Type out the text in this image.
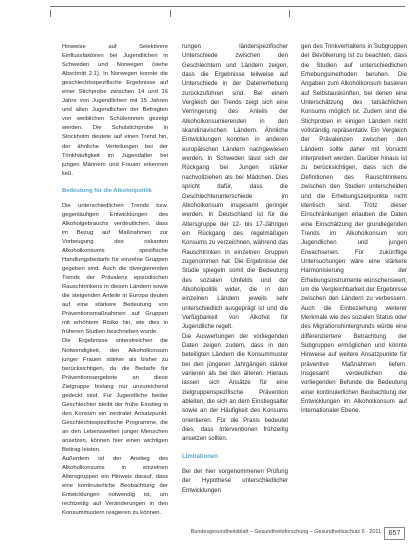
Hinweise auf Selektivere Einflussfaktoren bei Jugendlichen in Schweden und Norwegen (siehe Abschnitt 2.1). In Norwegen konnte die geschlechtsspezifische Ergebnisse auf einer Stichprobe zwischen 14 und 16 Jahre von Jugendlichen mit 15 Jahren und allen Jugendlichen der Befragten von weiblichen Schülerinnen gezeigt werden. Die Schulstichprobe in Stockholm deutete auf einen Trend hin, der ähnliche Verteilungen bei der Trinkhäufigkeit im Jugendalter bei jungen Männern und Frauen erkennen ließ.

Bedeutung für die Alkoholpolitik

Die unterschiedlichen Trends bzw. gegenläufigen Entwicklungen des Alkoholgebrauchs verdeutlichen, dass im Bezug auf Maßnahmen zur Vorbeugung des riskanten Alkoholkonsums spezifische Handlungsbedarfe für einzelne Gruppen gegeben sind. Auch die divergierenden Trends der Prävalenz episodischen Rauschtrinkens in diesen Ländern sowie die steigenden Anteile in Europa deuten auf eine stärkere Bedeutung von Präventionsmaßnahmen auf Gruppen mit erhöhtem Risiko hin, wie dies in früheren Studien beschrieben wurde.

Die Ergebnisse unterstreichen die Notwendigkeit, den Alkoholkonsum junger Frauen stärker als bisher zu berücksichtigen, da die Bedarfe für Präventionsangebote an diese Zielgruppe bislang nur unzureichend gedeckt sind. Für Jugendliche beider Geschlechter bleibt der frühe Einstieg in den Konsum ein zentraler Ansatzpunkt. Geschlechtsspezifische Programme, die an den Lebenswelten junger Menschen ansetzen, können hier einen wichtigen Beitrag leisten.

Außerdem ist der Anstieg des Alkoholkonsums in einzelnen Altersgruppen ein Hinweis darauf, dass eine kontinuierliche Beobachtung der Entwicklungen notwendig ist, um rechtzeitig auf Veränderungen in den Konsummustern reagieren zu können.

rungen länderspezifischer Unterschiede zwischen den Geschlechtern und Ländern zeigen, dass die Ergebnisse teilweise auf Unterschiede in der Datenerhebung zurückzuführen sind. Bei einem Vergleich der Trends zeigt sich eine Verringerung des Anteils der Alkoholkonsumierenden in den skandinavischen Ländern. Ähnliche Entwicklungen konnten in anderen europäischen Ländern nachgewiesen werden. In Schweden lässt sich der Rückgang bei Jungen stärker nachvollziehen als bei Mädchen. Dies spricht dafür, dass die Geschlechterunterschiede im Alkoholkonsum insgesamt geringer werden. In Deutschland ist für die Altersgruppe der 12- bis 17-Jährigen ein Rückgang des regelmäßigen Konsums zu verzeichnen, während das Rauschtrinken in einzelnen Gruppen zugenommen hat. Die Ergebnisse der Studie spiegeln somit die Bedeutung des sozialen Umfelds und der Alkoholpolitik wider, die in den einzelnen Ländern jeweils sehr unterschiedlich ausgeprägt ist und die Verfügbarkeit von Alkohol für Jugendliche regelt.

Die Auswertungen der vorliegenden Daten zeigen zudem, dass in den beteiligten Ländern die Konsummuster bei den jüngeren Jahrgängen stärker variieren als bei den älteren. Hieraus lassen sich Ansätze für eine zielgruppenspezifische Prävention ableiten, die sich an dem Einstiegsalter sowie an der Häufigkeit des Konsums orientieren. Für die Praxis bedeutet dies, dass Interventionen frühzeitig ansetzen sollten.

Limitationen

Bei der hier vorgenommenen Prüfung der Hypothese unterschiedlicher Entwicklungen

gen des Trinkverhaltens in Subgruppen der Bevölkerung ist zu beachten, dass die Studien auf unterschiedlichen Erhebungsmethoden beruhen. Die Angaben zum Alkoholkonsum basieren auf Selbstauskünften, bei denen eine Unterschätzung des tatsächlichen Konsums möglich ist. Zudem sind die Stichproben in einigen Ländern nicht vollständig repräsentativ. Ein Vergleich der Prävalenzen zwischen den Ländern sollte daher mit Vorsicht interpretiert werden. Darüber hinaus ist zu berücksichtigen, dass sich die Definitionen des Rauschtrinkens zwischen den Studien unterscheiden und die Erhebungszeitpunkte nicht identisch sind. Trotz dieser Einschränkungen erlauben die Daten eine Einschätzung der grundlegenden Trends im Alkoholkonsum von Jugendlichen und jungen Erwachsenen. Für zukünftige Untersuchungen wäre eine stärkere Harmonisierung der Erhebungsinstrumente wünschenswert, um die Vergleichbarkeit der Ergebnisse zwischen den Ländern zu verbessern. Auch die Einbeziehung weiterer Merkmale wie des sozialen Status oder des Migrationshintergrunds würde eine differenziertere Betrachtung der Subgruppen ermöglichen und könnte Hinweise auf weitere Ansatzpunkte für präventive Maßnahmen liefern. Insgesamt verdeutlichen die vorliegenden Befunde die Bedeutung einer kontinuierlichen Beobachtung der Entwicklungen im Alkoholkonsum auf internationaler Ebene.

Bundesgesundheitsblatt – Gesundheitsforschung – Gesundheitsschutz 6 · 2011	657
